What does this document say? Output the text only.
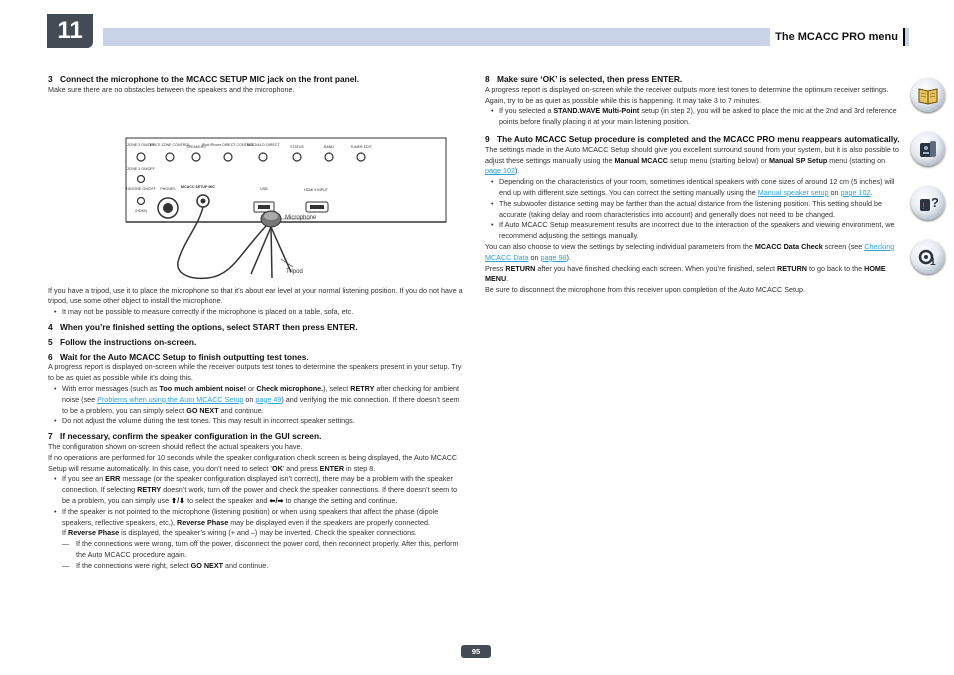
11	The MCACC PRO menu

3 Connect the microphone to the MCACC SETUP MIC jack on the front panel.

Make sure there are no obstacles between the speakers and the microphone.

ZONE 2 ON/OFF
MULTI-ZONE CONTROL
SPEAKERS
iPod iPhone DIRECT CONTROL
AUTO/ALC/ DIRECT	STATUS	BAND	TUNER EDIT
ZONE 3 ON/OFF
HDZONE ON/OFF PHONES MCACC SETUP MIC
HDMI 5 INPUT
(HDMI)
USB
Microphone
Tripod

If you have a tripod, use it to place the microphone so that it’s about ear level at your normal listening position. If you do not have a tripod, use some other object to install the microphone.

• It may not be possible to measure correctly if the microphone is placed on a table, sofa, etc.

4 When you’re finished setting the options, select START then press ENTER.

5 Follow the instructions on-screen.

6 Wait for the Auto MCACC Setup to finish outputting test tones.

A progress report is displayed on-screen while the receiver outputs test tones to determine the speakers present in your setup. Try to be as quiet as possible while it’s doing this.

• With error messages (such as Too much ambient noise! or Check microphone.), select RETRY after checking for ambient noise (see Problems when using the Auto MCACC Setup on page 49) and verifying the mic connection. If there doesn’t seem to be a problem, you can simply select GO NEXT and continue.
• Do not adjust the volume during the test tones. This may result in incorrect speaker settings.

7 If necessary, confirm the speaker configuration in the GUI screen.

The configuration shown on-screen should reflect the actual speakers you have.

If no operations are performed for 10 seconds while the speaker configuration check screen is being displayed, the Auto MCACC Setup will resume automatically. In this case, you don’t need to select ‘OK’ and press ENTER in step 8.

• If you see an ERR message (or the speaker configuration displayed isn’t correct), there may be a problem with the speaker connection. If selecting RETRY doesn’t work, turn off the power and check the speaker connections. If there doesn’t seem to be a problem, you can simply use ⬆/⬇ to select the speaker and ⬅/➡ to change the setting and continue.
• If the speaker is not pointed to the microphone (listening position) or when using speakers that affect the phase (dipole speakers, reflective speakers, etc.), Reverse Phase may be displayed even if the speakers are properly connected.

If Reverse Phase is displayed, the speaker’s wiring (+ and –) may be inverted. Check the speaker connections.

— If the connections were wrong, turn off the power, disconnect the power cord, then reconnect properly. After this, perform the Auto MCACC procedure again.
— If the connections were right, select GO NEXT and continue.

8 Make sure ‘OK’ is selected, then press ENTER.

A progress report is displayed on-screen while the receiver outputs more test tones to determine the optimum receiver settings.

Again, try to be as quiet as possible while this is happening. It may take 3 to 7 minutes.

• If you selected a STAND.WAVE Multi-Point setup (in step 2), you will be asked to place the mic at the 2nd and 3rd reference points before finally placing it at your main listening position.

9 The Auto MCACC Setup procedure is completed and the MCACC PRO menu reappears automatically.

The settings made in the Auto MCACC Setup should give you excellent surround sound from your system, but it is also possible to adjust these settings manually using the Manual MCACC setup menu (starting below) or Manual SP Setup menu (starting on page 102).

• Depending on the characteristics of your room, sometimes identical speakers with cone sizes of around 12 cm (5 inches) will end up with different size settings. You can correct the setting manually using the Manual speaker setup on page 102.
• The subwoofer distance setting may be farther than the actual distance from the listening position. This setting should be accurate (taking delay and room characteristics into account) and generally does not need to be changed.
• If Auto MCACC Setup measurement results are incorrect due to the interaction of the speakers and viewing environment, we recommend adjusting the settings manually.

You can also choose to view the settings by selecting individual parameters from the MCACC Data Check screen (see Checking MCACC Data on page 98).

Press RETURN after you have finished checking each screen. When you’re finished, select RETURN to go back to the HOME MENU.

Be sure to disconnect the microphone from this receiver upon completion of the Auto MCACC Setup.

?
!
1
95
